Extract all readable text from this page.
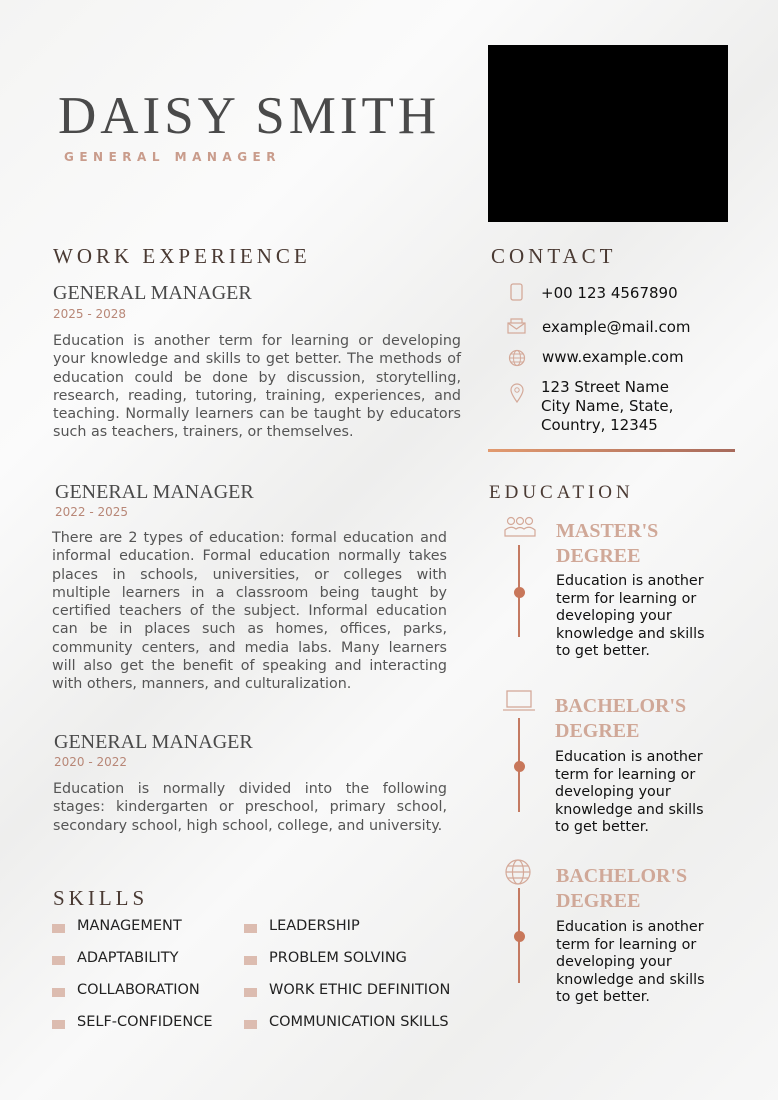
DAISY SMITH
GENERAL MANAGER
WORK EXPERIENCE
GENERAL MANAGER
2025 - 2028
Education is another term for learning or developing your knowledge and skills to get better. The methods of education could be done by discussion, storytelling, research, reading, tutoring, training, experiences, and teaching. Normally learners can be taught by educators such as teachers, trainers, or themselves.
GENERAL MANAGER
2022 - 2025
There are 2 types of education: formal education and informal education. Formal education normally takes places in schools, universities, or colleges with multiple learners in a classroom being taught by certified teachers of the subject. Informal education can be in places such as homes, offices, parks, community centers, and media labs. Many learners will also get the benefit of speaking and interacting with others, manners, and culturalization.
GENERAL MANAGER
2020 - 2022
Education is normally divided into the following stages: kindergarten or preschool, primary school, secondary school, high school, college, and university.
SKILLS
MANAGEMENT
ADAPTABILITY
COLLABORATION
SELF-CONFIDENCE
LEADERSHIP
PROBLEM SOLVING
WORK ETHIC DEFINITION
COMMUNICATION SKILLS
CONTACT
+00 123 4567890
example@mail.com
www.example.com
123 Street Name
City Name, State,
Country, 12345
EDUCATION
MASTER'S DEGREE
Education is another term for learning or developing your knowledge and skills to get better.
BACHELOR'S DEGREE
Education is another term for learning or developing your knowledge and skills to get better.
BACHELOR'S DEGREE
Education is another term for learning or developing your knowledge and skills to get better.
